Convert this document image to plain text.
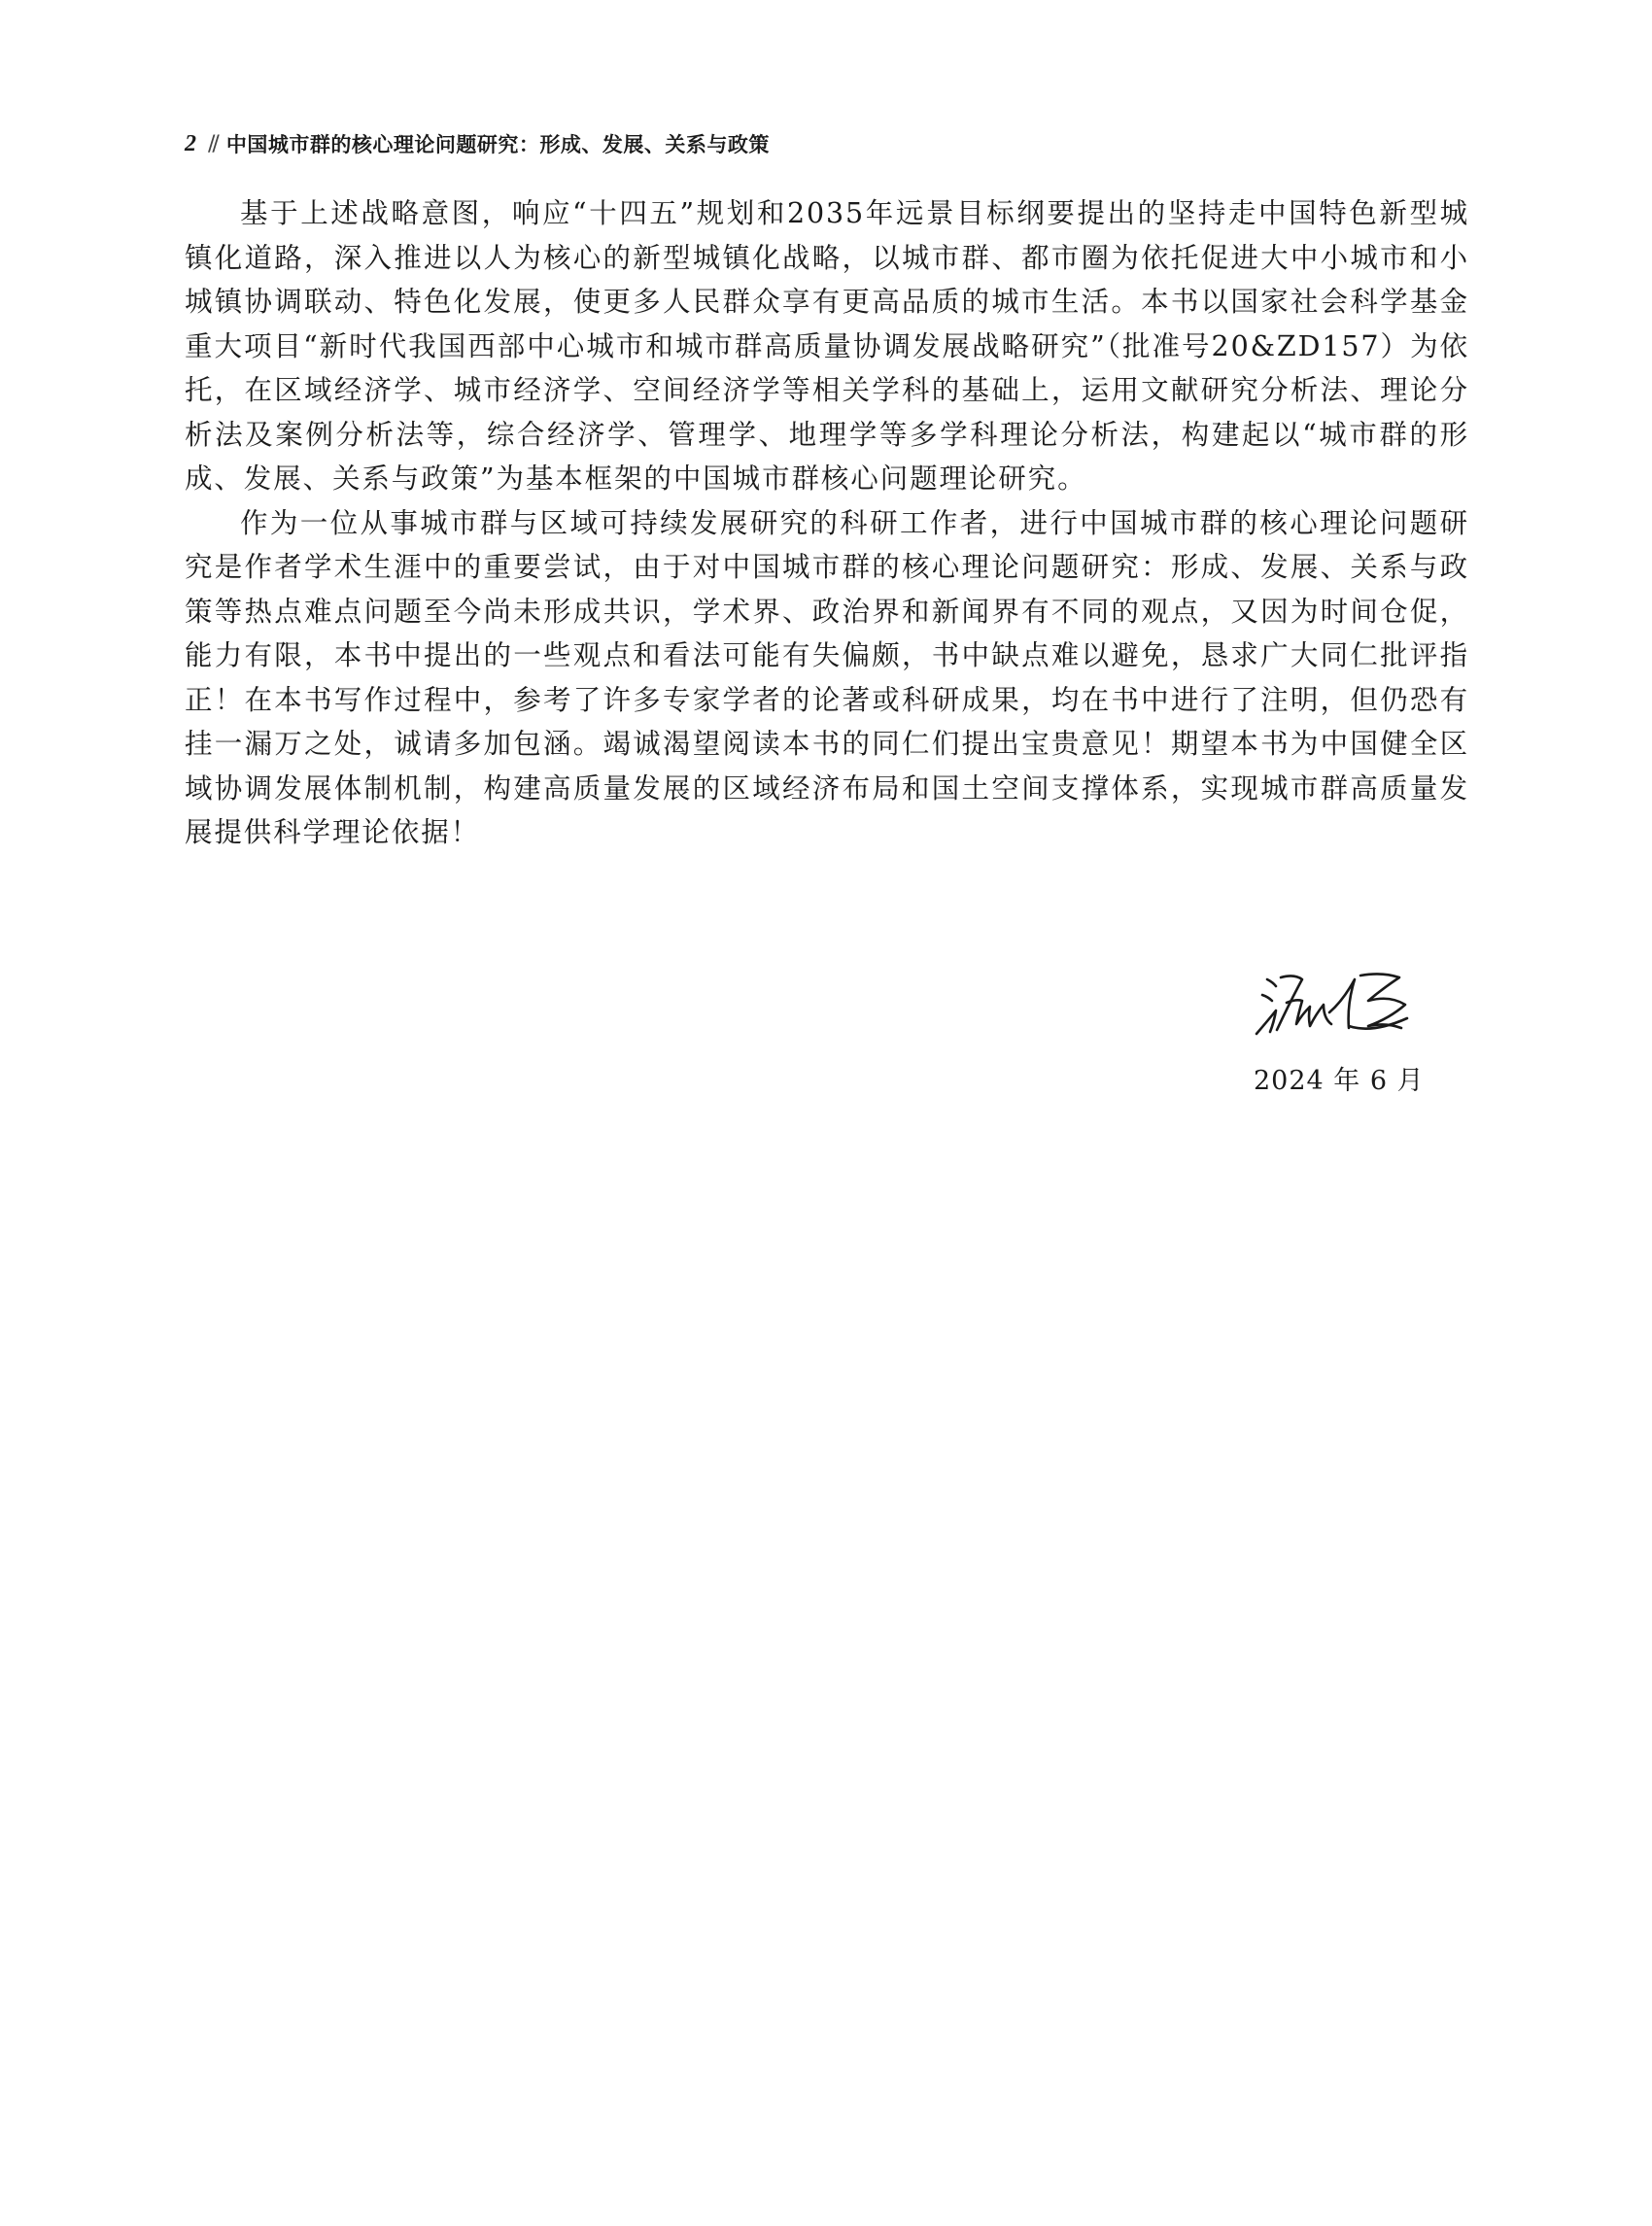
2 // 中国城市群的核心理论问题研究：形成、发展、关系与政策

基于上述战略意图，响应“十四五”规划和2035年远景目标纲要提出的坚持走中国特色新型城镇化道路，深入推进以人为核心的新型城镇化战略，以城市群、都市圈为依托促进大中小城市和小城镇协调联动、特色化发展，使更多人民群众享有更高品质的城市生活。本书以国家社会科学基金重大项目“新时代我国西部中心城市和城市群高质量协调发展战略研究”（批准号20&ZD157）为依托，在区域经济学、城市经济学、空间经济学等相关学科的基础上，运用文献研究分析法、理论分析法及案例分析法等，综合经济学、管理学、地理学等多学科理论分析法，构建起以“城市群的形成、发展、关系与政策”为基本框架的中国城市群核心问题理论研究。

作为一位从事城市群与区域可持续发展研究的科研工作者，进行中国城市群的核心理论问题研究是作者学术生涯中的重要尝试，由于对中国城市群的核心理论问题研究：形成、发展、关系与政策等热点难点问题至今尚未形成共识，学术界、政治界和新闻界有不同的观点，又因为时间仓促，能力有限，本书中提出的一些观点和看法可能有失偏颇，书中缺点难以避免，恳求广大同仁批评指正！在本书写作过程中，参考了许多专家学者的论著或科研成果，均在书中进行了注明，但仍恐有挂一漏万之处，诚请多加包涵。竭诚渴望阅读本书的同仁们提出宝贵意见！期望本书为中国健全区域协调发展体制机制，构建高质量发展的区域经济布局和国土空间支撑体系，实现城市群高质量发展提供科学理论依据！

2024 年 6 月
